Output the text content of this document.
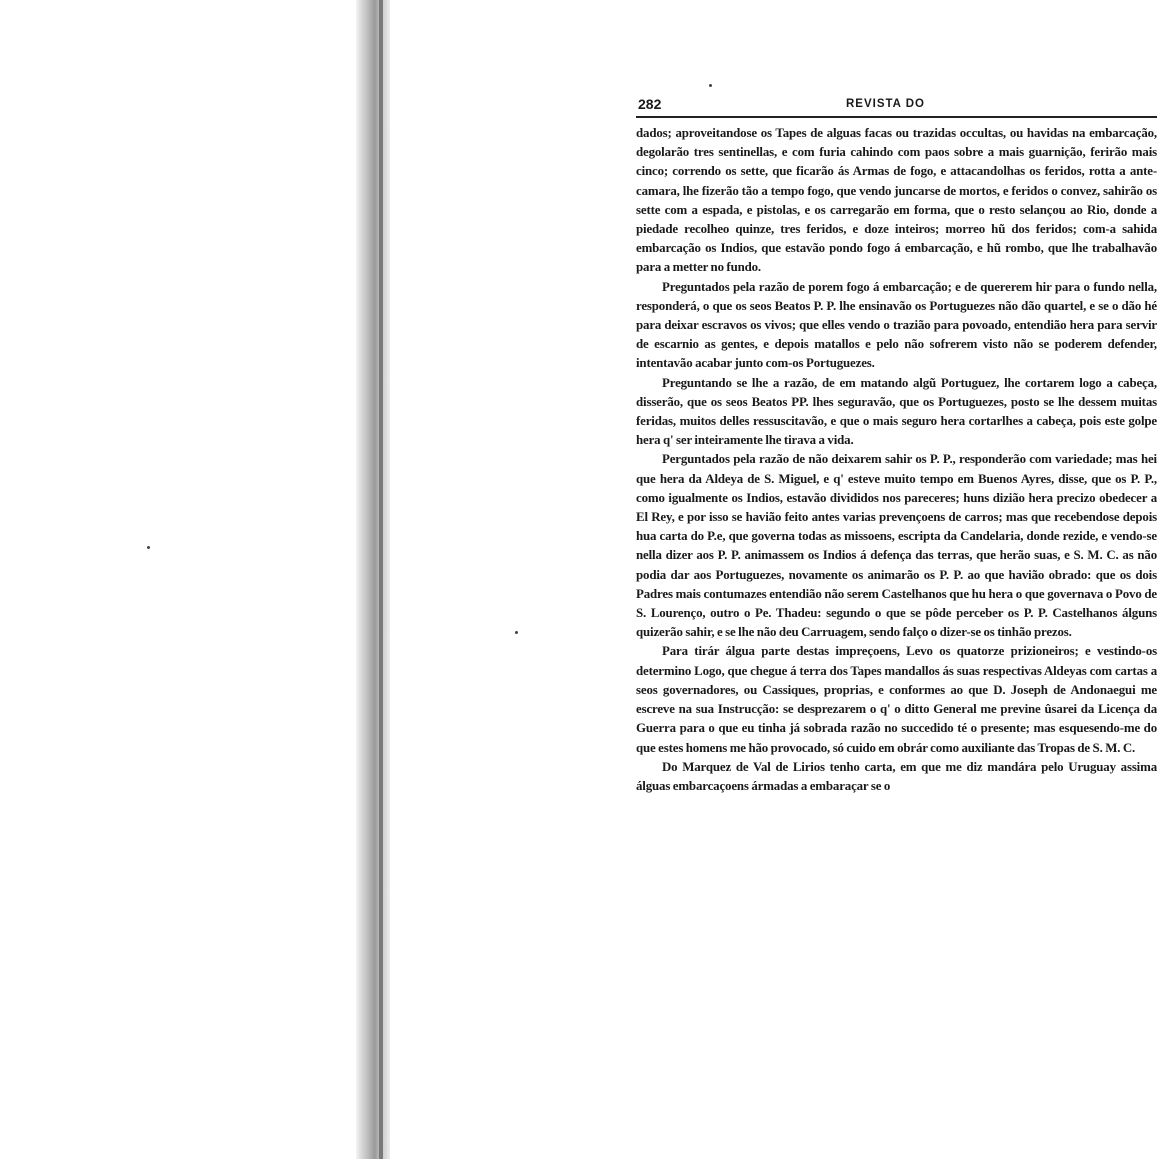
282	REVISTA DO

dados; aproveitandose os Tapes de alguas facas ou trazidas occultas, ou havidas na embarcação, degolarão tres sentinellas, e com furia cahindo com paos sobre a mais guarnição, ferirão mais cinco; correndo os sette, que ficarão ás Armas de fogo, e attacandolhas os feridos, rotta a ante-camara, lhe fizerão tão a tempo fogo, que vendo juncarse de mortos, e feridos o convez, sahirão os sette com a espada, e pistolas, e os carregarão em forma, que o resto selançou ao Rio, donde a piedade recolheo quinze, tres feridos, e doze inteiros; morreo hũ dos feridos; com-a sahida embarcação os Indios, que estavão pondo fogo á embarcação, e hũ rombo, que lhe trabalhavão para a metter no fundo.

Preguntados pela razão de porem fogo á embarcação; e de quererem hir para o fundo nella, responderá, o que os seos Beatos P. P. lhe ensinavão os Portuguezes não dão quartel, e se o dão hé para deixar escravos os vivos; que elles vendo o trazião para povoado, entendião hera para servir de escarnio as gentes, e depois matallos e pelo não sofrerem visto não se poderem defender, intentavão acabar junto com-os Portuguezes.

Preguntando se lhe a razão, de em matando algũ Portuguez, lhe cortarem logo a cabeça, disserão, que os seos Beatos PP. lhes seguravão, que os Portuguezes, posto se lhe dessem muitas feridas, muitos delles ressuscitavão, e que o mais seguro hera cortarlhes a cabeça, pois este golpe hera q' ser inteiramente lhe tirava a vida.

Perguntados pela razão de não deixarem sahir os P. P., responderão com variedade; mas hei que hera da Aldeya de S. Miguel, e q' esteve muito tempo em Buenos Ayres, disse, que os P. P., como igualmente os Indios, estavão divididos nos pareceres; huns dizião hera precizo obedecer a El Rey, e por isso se havião feito antes varias prevençoens de carros; mas que recebendose depois hua carta do P.e, que governa todas as missoens, escripta da Candelaria, donde rezide, e vendo-se nella dizer aos P. P. animassem os Indios á defença das terras, que herão suas, e S. M. C. as não podia dar aos Portuguezes, novamente os animarão os P. P. ao que havião obrado: que os dois Padres mais contumazes entendião não serem Castelhanos que hu hera o que governava o Povo de S. Lourenço, outro o Pe. Thadeu: segundo o que se pôde perceber os P. P. Castelhanos álguns quizerão sahir, e se lhe não deu Carruagem, sendo falço o dizer-se os tinhão prezos.

Para tirár álgua parte destas impreçoens, Levo os quatorze prizioneiros; e vestindo-os determino Logo, que chegue á terra dos Tapes mandallos ás suas respectivas Aldeyas com cartas a seos governadores, ou Cassiques, proprias, e conformes ao que D. Joseph de Andonaegui me escreve na sua Instrucção: se desprezarem o q' o ditto General me previne ûsarei da Licença da Guerra para o que eu tinha já sobrada razão no succedido té o presente; mas esquesendo-me do que estes homens me hão provocado, só cuido em obrár como auxiliante das Tropas de S. M. C.

Do Marquez de Val de Lirios tenho carta, em que me diz mandára pelo Uruguay assima álguas embarcaçoens ármadas a embaraçar se o
